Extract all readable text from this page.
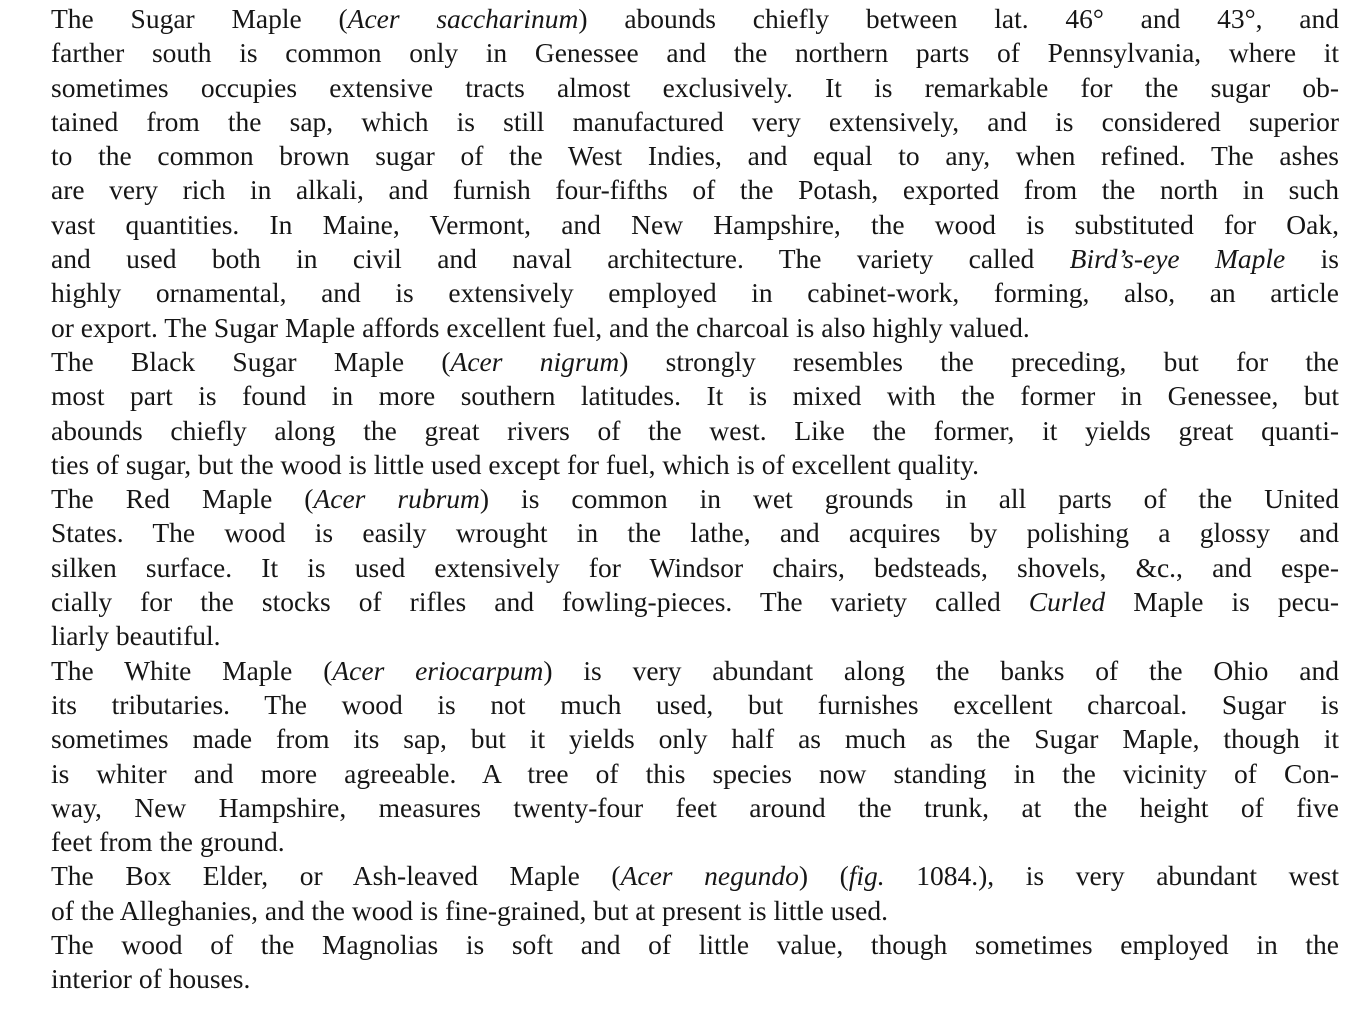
The Sugar Maple (Acer saccharinum) abounds chiefly between lat. 46° and 43°, and
farther south is common only in Genessee and the northern parts of Pennsylvania, where it
sometimes occupies extensive tracts almost exclusively. It is remarkable for the sugar ob-
tained from the sap, which is still manufactured very extensively, and is considered superior
to the common brown sugar of the West Indies, and equal to any, when refined. The ashes
are very rich in alkali, and furnish four-fifths of the Potash, exported from the north in such
vast quantities. In Maine, Vermont, and New Hampshire, the wood is substituted for Oak,
and used both in civil and naval architecture. The variety called Bird’s-eye Maple is
highly ornamental, and is extensively employed in cabinet-work, forming, also, an article
or export. The Sugar Maple affords excellent fuel, and the charcoal is also highly valued.

The Black Sugar Maple (Acer nigrum) strongly resembles the preceding, but for the
most part is found in more southern latitudes. It is mixed with the former in Genessee, but
abounds chiefly along the great rivers of the west. Like the former, it yields great quanti-
ties of sugar, but the wood is little used except for fuel, which is of excellent quality.

The Red Maple (Acer rubrum) is common in wet grounds in all parts of the United
States. The wood is easily wrought in the lathe, and acquires by polishing a glossy and
silken surface. It is used extensively for Windsor chairs, bedsteads, shovels, &c., and espe-
cially for the stocks of rifles and fowling-pieces. The variety called Curled Maple is pecu-
liarly beautiful.

The White Maple (Acer eriocarpum) is very abundant along the banks of the Ohio and
its tributaries. The wood is not much used, but furnishes excellent charcoal. Sugar is
sometimes made from its sap, but it yields only half as much as the Sugar Maple, though it
is whiter and more agreeable. A tree of this species now standing in the vicinity of Con-
way, New Hampshire, measures twenty-four feet around the trunk, at the height of five
feet from the ground.

The Box Elder, or Ash-leaved Maple (Acer negundo) (fig. 1084.), is very abundant west
of the Alleghanies, and the wood is fine-grained, but at present is little used.

The wood of the Magnolias is soft and of little value, though sometimes employed in the
interior of houses.
